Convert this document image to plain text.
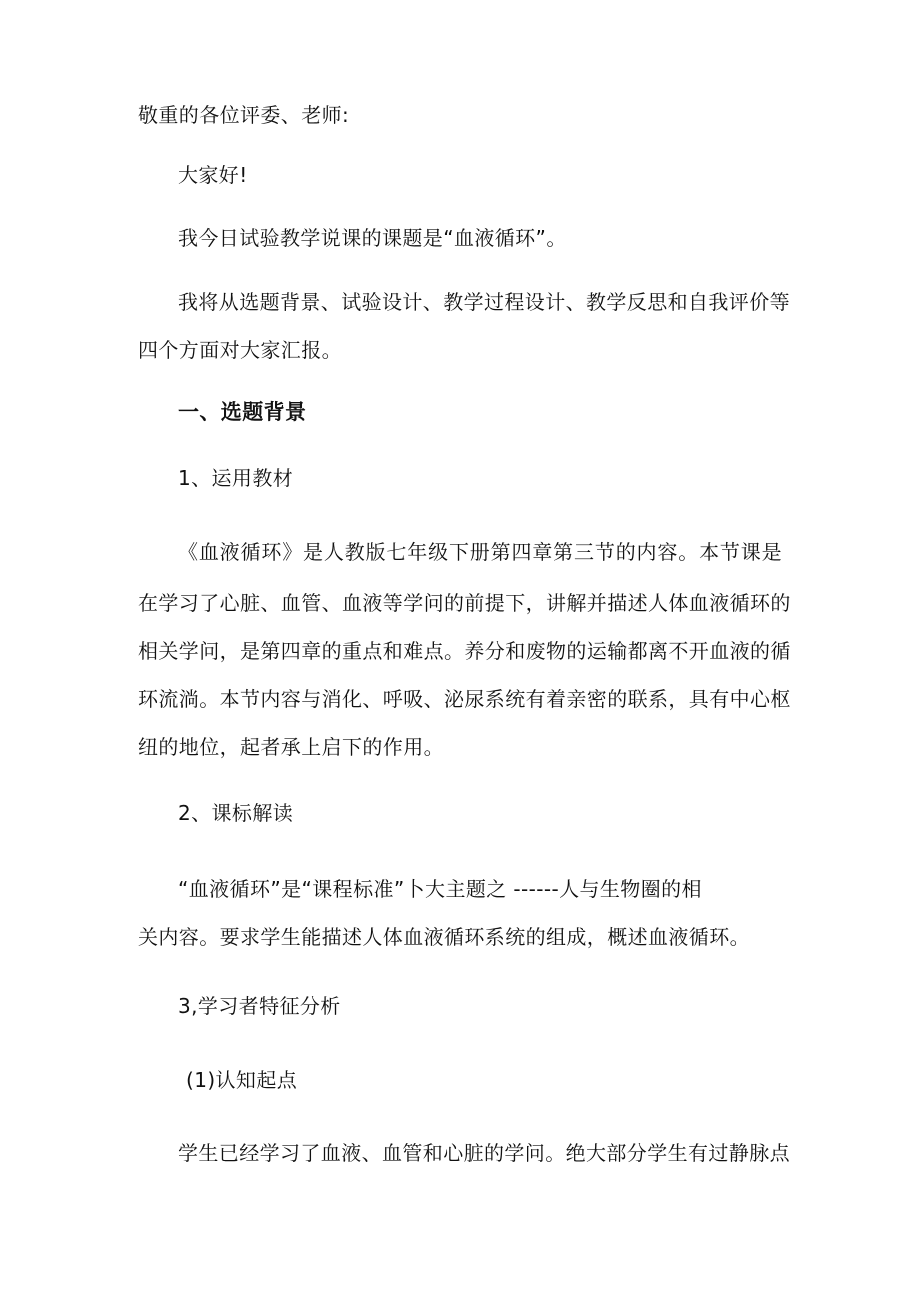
敬重的各位评委、老师:
大家好!
我今日试验教学说课的课题是“血液循环”。
我将从选题背景、试验设计、教学过程设计、教学反思和自我评价等
四个方面对大家汇报。
一、选题背景
1、运用教材
《血液循环》是人教版七年级下册第四章第三节的内容。本节课是
在学习了心脏、血管、血液等学问的前提下，讲解并描述人体血液循环的
相关学问，是第四章的重点和难点。养分和废物的运输都离不开血液的循
环流淌。本节内容与消化、呼吸、泌尿系统有着亲密的联系，具有中心枢
纽的地位，起者承上启下的作用。
2、课标解读
“血液循环”是“课程标准”卜大主题之 ------人与生物圈的相
关内容。要求学生能描述人体血液循环系统的组成，概述血液循环。
3,学习者特征分析
(1)认知起点
学生已经学习了血液、血管和心脏的学问。绝大部分学生有过静脉点
